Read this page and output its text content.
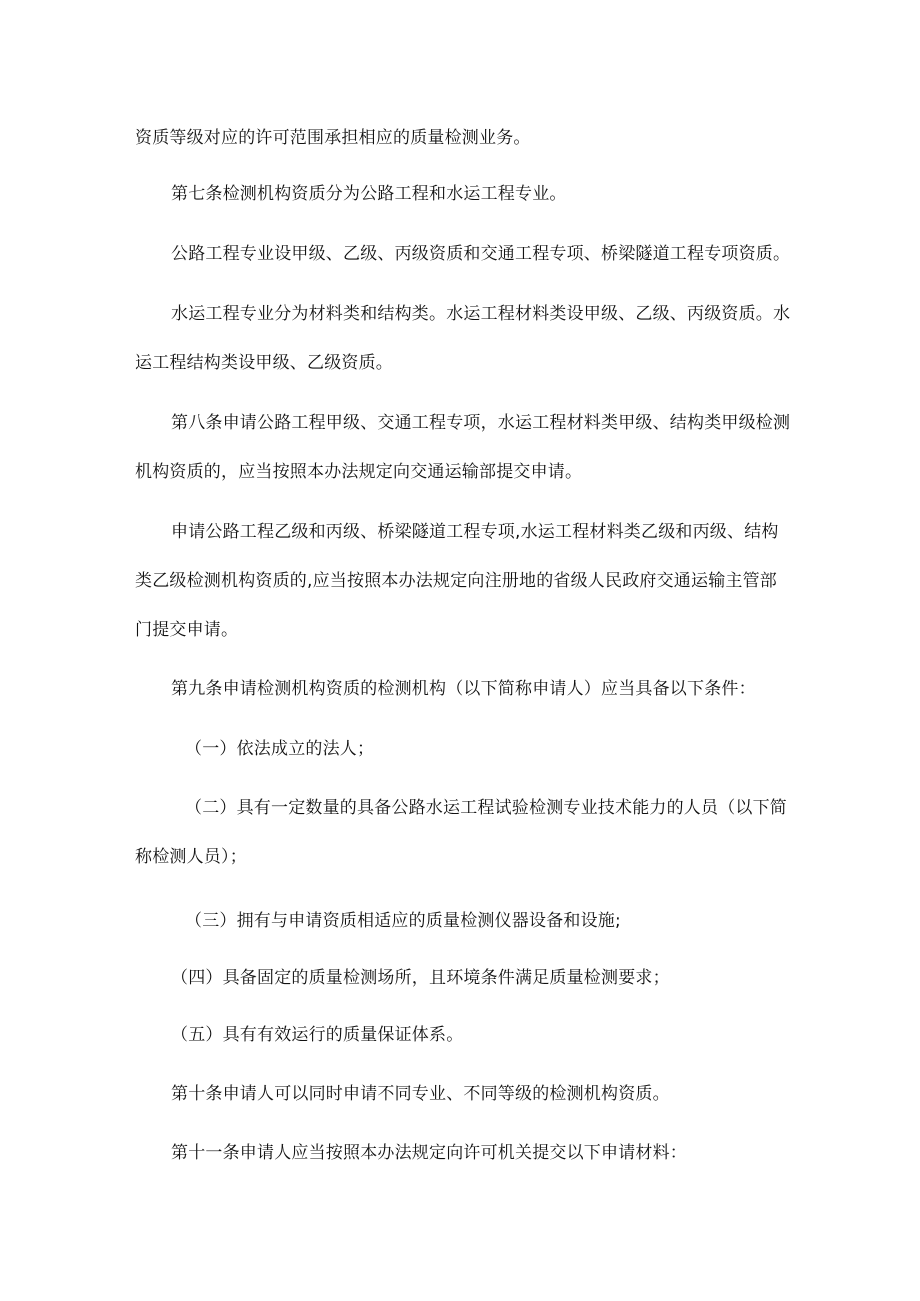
资质等级对应的许可范围承担相应的质量检测业务。
第七条检测机构资质分为公路工程和水运工程专业。
公路工程专业设甲级、乙级、丙级资质和交通工程专项、桥梁隧道工程专项资质。
水运工程专业分为材料类和结构类。水运工程材料类设甲级、乙级、丙级资质。水
运工程结构类设甲级、乙级资质。
第八条申请公路工程甲级、交通工程专项，水运工程材料类甲级、结构类甲级检测
机构资质的，应当按照本办法规定向交通运输部提交申请。
申请公路工程乙级和丙级、桥梁隧道工程专项,水运工程材料类乙级和丙级、结构
类乙级检测机构资质的,应当按照本办法规定向注册地的省级人民政府交通运输主管部
门提交申请。
第九条申请检测机构资质的检测机构（以下简称申请人）应当具备以下条件：
（一）依法成立的法人；
（二）具有一定数量的具备公路水运工程试验检测专业技术能力的人员（以下简
称检测人员）；
（三）拥有与申请资质相适应的质量检测仪器设备和设施;
（四）具备固定的质量检测场所，且环境条件满足质量检测要求；
（五）具有有效运行的质量保证体系。
第十条申请人可以同时申请不同专业、不同等级的检测机构资质。
第十一条申请人应当按照本办法规定向许可机关提交以下申请材料：
